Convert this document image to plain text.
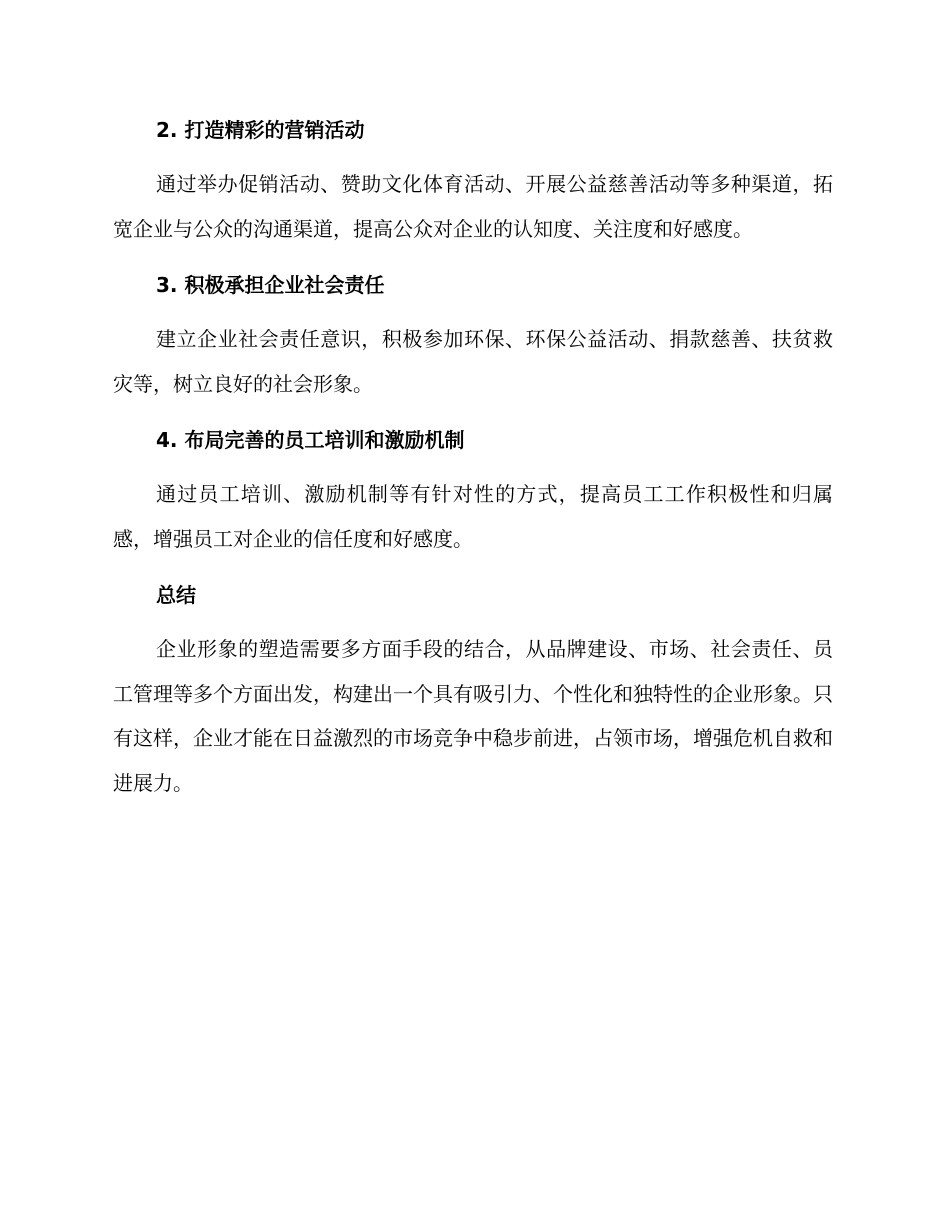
2. 打造精彩的营销活动

通过举办促销活动、赞助文化体育活动、开展公益慈善活动等多种渠道，拓宽企业与公众的沟通渠道，提高公众对企业的认知度、关注度和好感度。

3. 积极承担企业社会责任

建立企业社会责任意识，积极参加环保、环保公益活动、捐款慈善、扶贫救灾等，树立良好的社会形象。

4. 布局完善的员工培训和激励机制

通过员工培训、激励机制等有针对性的方式，提高员工工作积极性和归属感，增强员工对企业的信任度和好感度。

总结

企业形象的塑造需要多方面手段的结合，从品牌建设、市场、社会责任、员工管理等多个方面出发，构建出一个具有吸引力、个性化和独特性的企业形象。只有这样，企业才能在日益激烈的市场竞争中稳步前进，占领市场，增强危机自救和进展力。
